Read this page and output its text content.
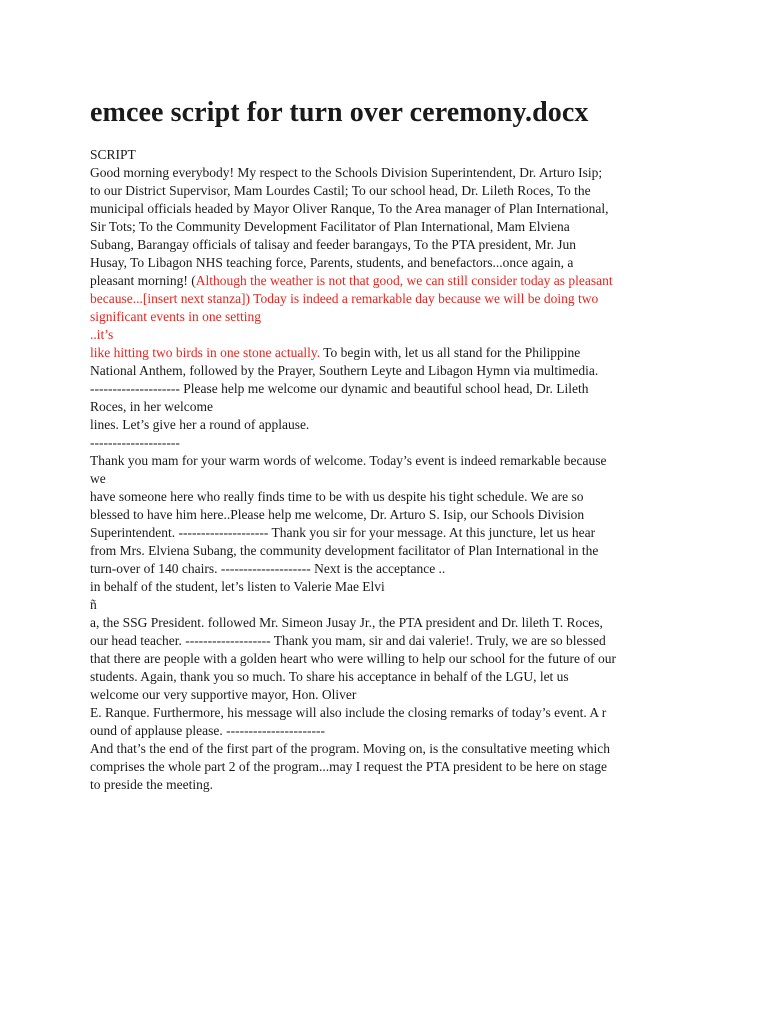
emcee script for turn over ceremony.docx
SCRIPT
Good morning everybody! My respect to the Schools Division Superintendent, Dr. Arturo Isip;
to our District Supervisor, Mam Lourdes Castil; To our school head, Dr. Lileth Roces, To the
municipal officials headed by Mayor Oliver Ranque, To the Area manager of Plan International,
Sir Tots; To the Community Development Facilitator of Plan International, Mam Elviena
Subang, Barangay officials of talisay and feeder barangays, To the PTA president, Mr. Jun
Husay, To Libagon NHS teaching force, Parents, students, and benefactors...once again, a
pleasant morning! (Although the weather is not that good, we can still consider today as pleasant
because...[insert next stanza]) Today is indeed a remarkable day because we will be doing two
significant events in one setting
..it’s
like hitting two birds in one stone actually. To begin with, let us all stand for the Philippine
National Anthem, followed by the Prayer, Southern Leyte and Libagon Hymn via multimedia.
-------------------- Please help me welcome our dynamic and beautiful school head, Dr. Lileth
Roces, in her welcome
lines. Let’s give her a round of applause.
--------------------
Thank you mam for your warm words of welcome. Today’s event is indeed remarkable because
we
have someone here who really finds time to be with us despite his tight schedule. We are so
blessed to have him here..Please help me welcome, Dr. Arturo S. Isip, our Schools Division
Superintendent. -------------------- Thank you sir for your message. At this juncture, let us hear
from Mrs. Elviena Subang, the community development facilitator of Plan International in the
turn-over of 140 chairs. -------------------- Next is the acceptance ..
in behalf of the student, let’s listen to Valerie Mae Elvi
ñ
a, the SSG President. followed Mr. Simeon Jusay Jr., the PTA president and Dr. lileth T. Roces,
our head teacher. ------------------- Thank you mam, sir and dai valerie!. Truly, we are so blessed
that there are people with a golden heart who were willing to help our school for the future of our
students. Again, thank you so much. To share his acceptance in behalf of the LGU, let us
welcome our very supportive mayor, Hon. Oliver
E. Ranque. Furthermore, his message will also include the closing remarks of today’s event. A r
ound of applause please. ----------------------
And that’s the end of the first part of the program. Moving on, is the consultative meeting which
comprises the whole part 2 of the program...may I request the PTA president to be here on stage
to preside the meeting.
